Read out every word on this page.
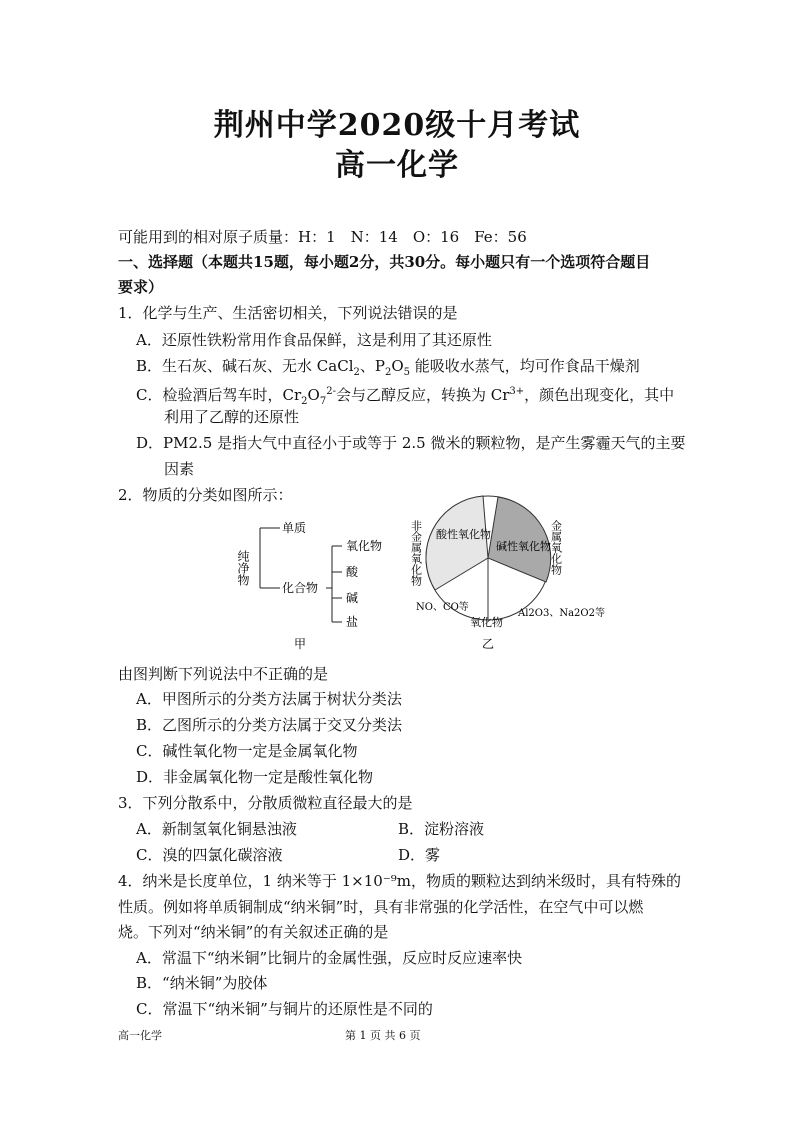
荆州中学2020级十月考试
高一化学
可能用到的相对原子质量：H：1　N：14　O：16　Fe：56
一、选择题（本题共15题，每小题2分，共30分。每小题只有一个选项符合题目
要求）
1．化学与生产、生活密切相关，下列说法错误的是
A．还原性铁粉常用作食品保鲜，这是利用了其还原性
B．生石灰、碱石灰、无水 CaCl$_2$、$P_2O_5$ 能吸收水蒸气，均可作食品干燥剂
C．检验酒后驾车时，$Cr_2O_7^{2-}$会与乙醇反应，转换为 $Cr^{3+}$，颜色出现变化，其中
利用了乙醇的还原性
D．PM2.5 是指大气中直径小于或等于 2.5 微米的颗粒物，是产生雾霾天气的主要
因素
2．物质的分类如图所示：
纯净物
单质
化合物
氧化物
酸
碱
盐
甲
酸性氧化物
碱性氧化物
氧化物
NO、CO等
Al2O3、Na2O2等
非金属氧化物	金属氧化物
乙
由图判断下列说法中不正确的是
A．甲图所示的分类方法属于树状分类法
B．乙图所示的分类方法属于交叉分类法
C．碱性氧化物一定是金属氧化物
D．非金属氧化物一定是酸性氧化物
3．下列分散系中，分散质微粒直径最大的是
A．新制氢氧化铜悬浊液	B．淀粉溶液
C．溴的四氯化碳溶液	D．雾
4．纳米是长度单位，1 纳米等于 1×10⁻⁹m，物质的颗粒达到纳米级时，具有特殊的
性质。例如将单质铜制成“纳米铜”时，具有非常强的化学活性，在空气中可以燃
烧。下列对“纳米铜”的有关叙述正确的是
A．常温下“纳米铜”比铜片的金属性强，反应时反应速率快
B．“纳米铜”为胶体
C．常温下“纳米铜”与铜片的还原性是不同的
高一化学	第 1 页 共 6 页
